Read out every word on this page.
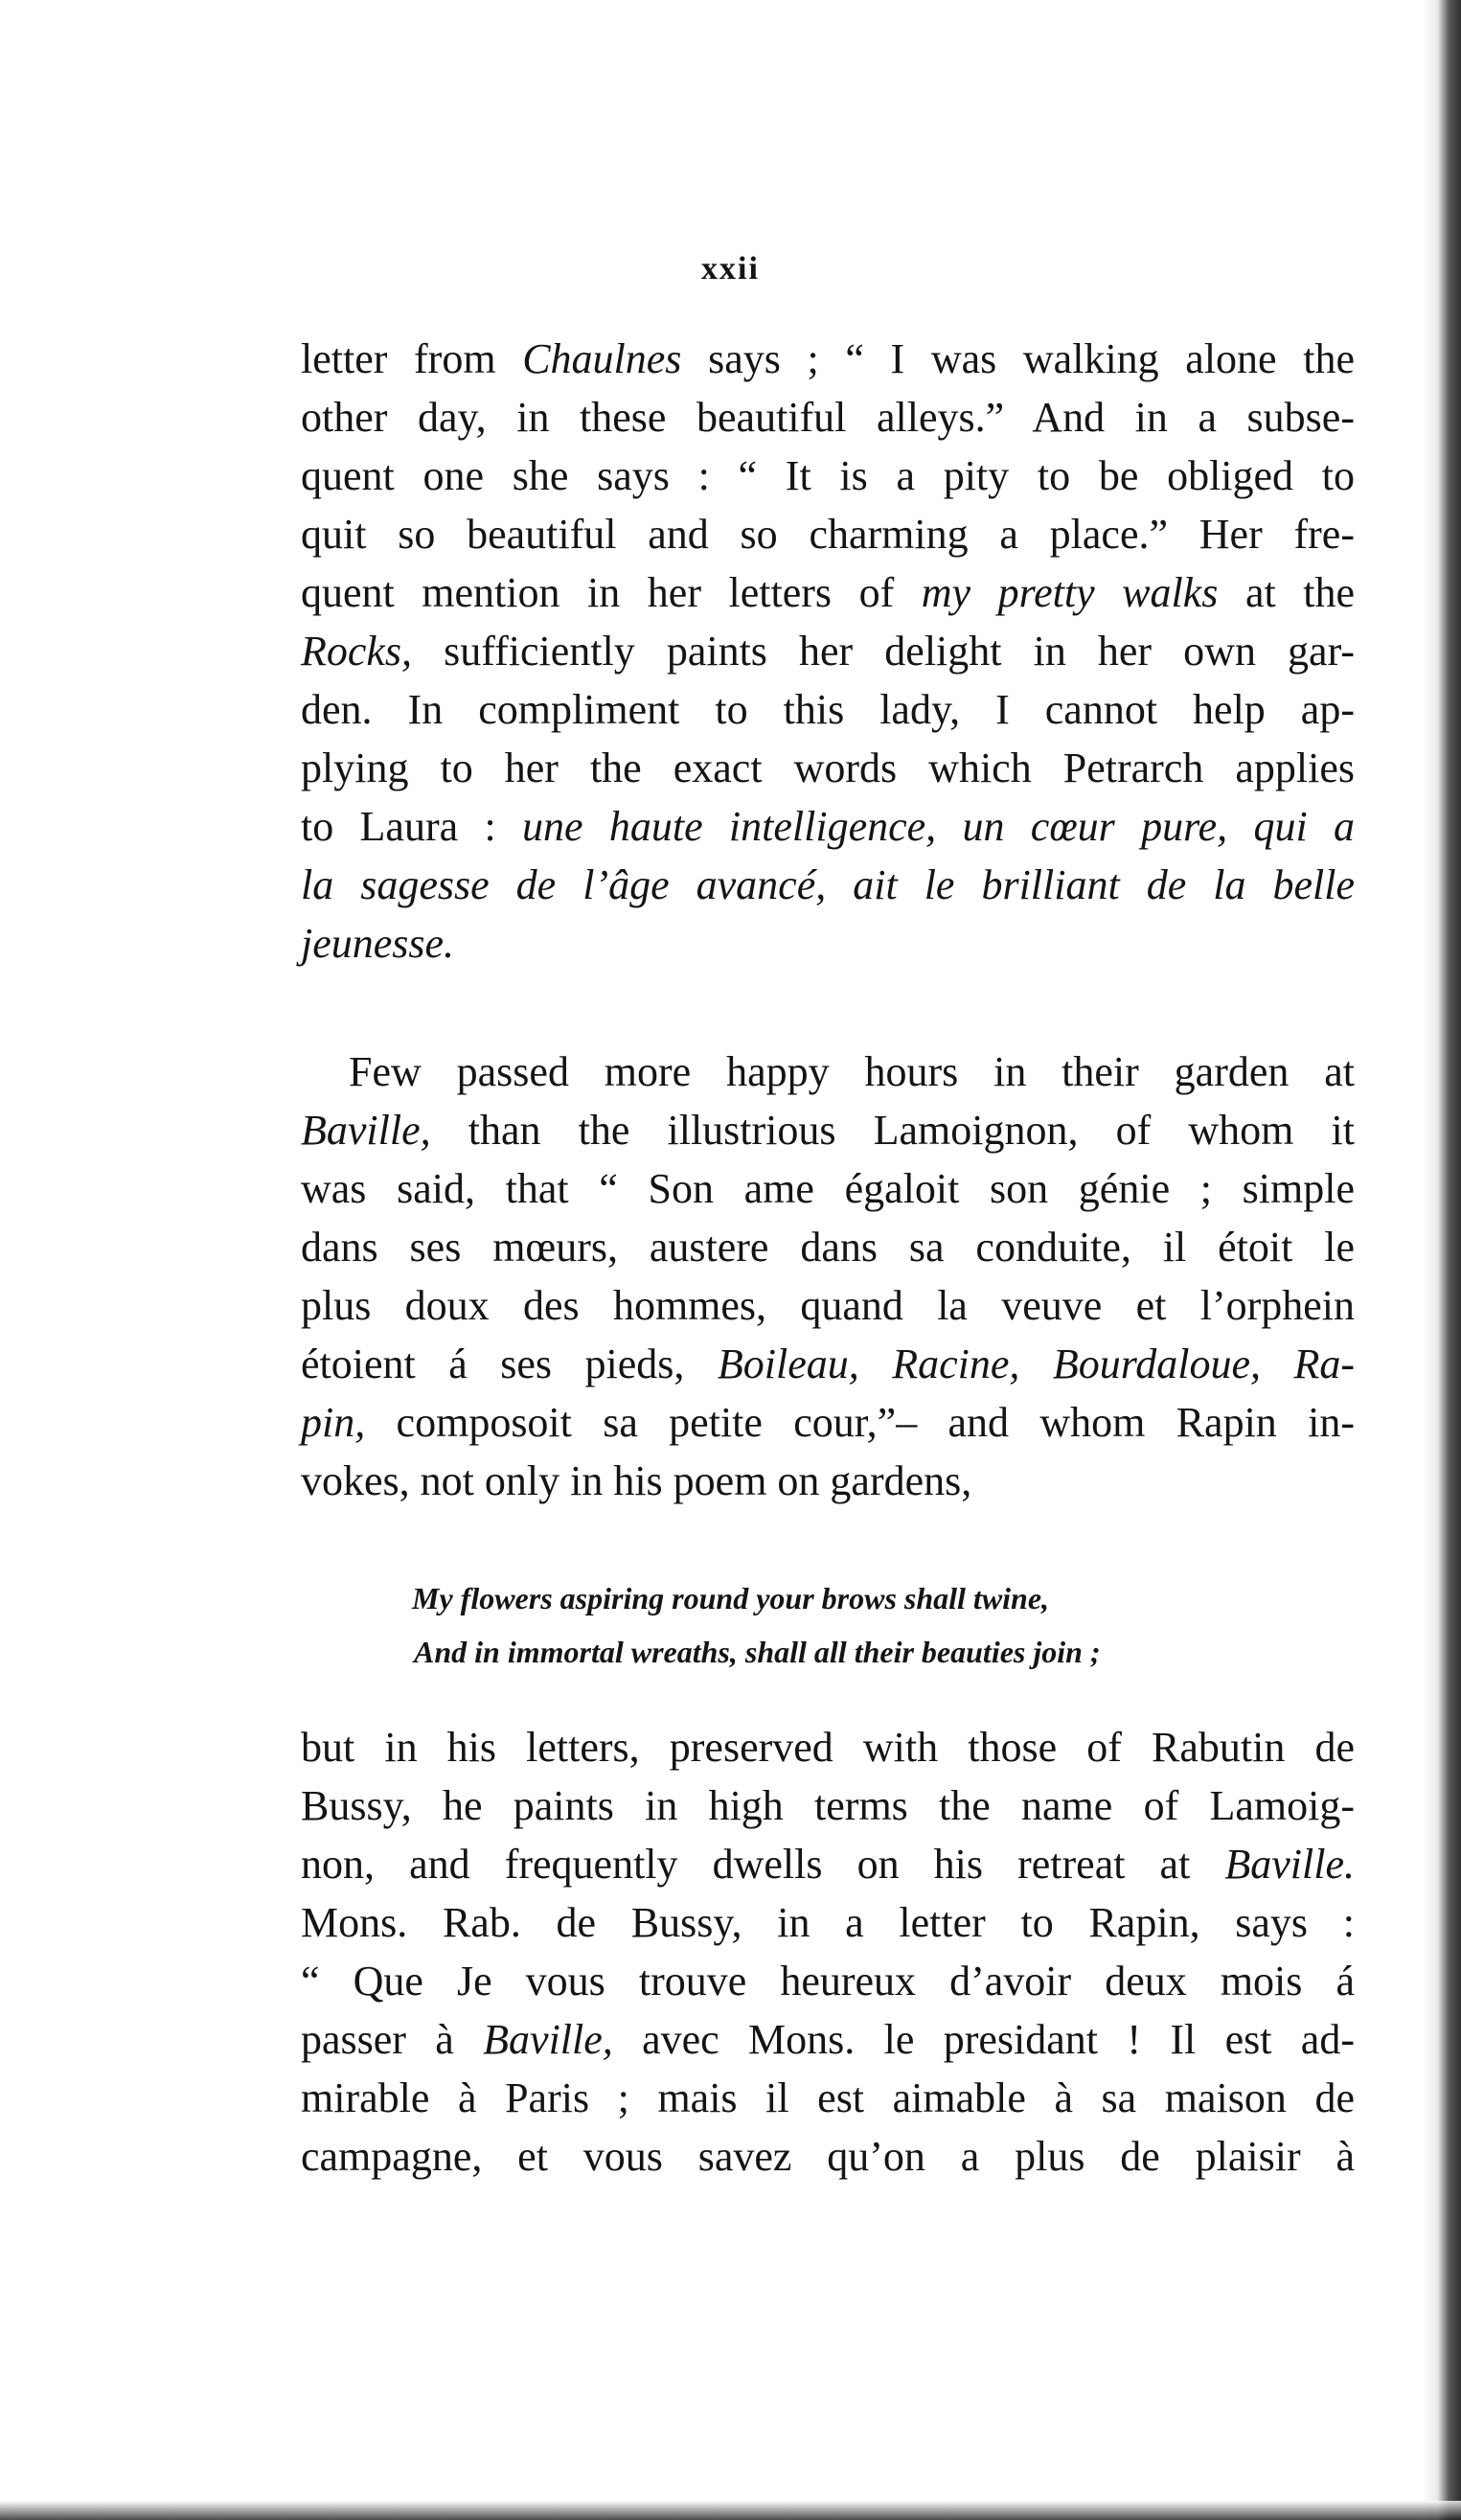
xxii
letter from Chaulnes says ; “ I was walking alone the
other day, in these beautiful alleys.” And in a subse-
quent one she says : “ It is a pity to be obliged to
quit so beautiful and so charming a place.” Her fre-
quent mention in her letters of my pretty walks at the
Rocks, sufficiently paints her delight in her own gar-
den. In compliment to this lady, I cannot help ap-
plying to her the exact words which Petrarch applies
to Laura : une haute intelligence, un cœur pure, qui a
la sagesse de l’âge avancé, ait le brilliant de la belle
jeunesse.
Few passed more happy hours in their garden at
Baville, than the illustrious Lamoignon, of whom it
was said, that “ Son ame égaloit son génie ; simple
dans ses mœurs, austere dans sa conduite, il étoit le
plus doux des hommes, quand la veuve et l’orphein
étoient á ses pieds, Boileau, Racine, Bourdaloue, Ra-
pin, composoit sa petite cour,”– and whom Rapin in-
vokes, not only in his poem on gardens,
My flowers aspiring round your brows shall twine,
And in immortal wreaths, shall all their beauties join ;
but in his letters, preserved with those of Rabutin de
Bussy, he paints in high terms the name of Lamoig-
non, and frequently dwells on his retreat at Baville.
Mons. Rab. de Bussy, in a letter to Rapin, says :
“ Que Je vous trouve heureux d’avoir deux mois á
passer à Baville, avec Mons. le presidant ! Il est ad-
mirable à Paris ; mais il est aimable à sa maison de
campagne, et vous savez qu’on a plus de plaisir à
